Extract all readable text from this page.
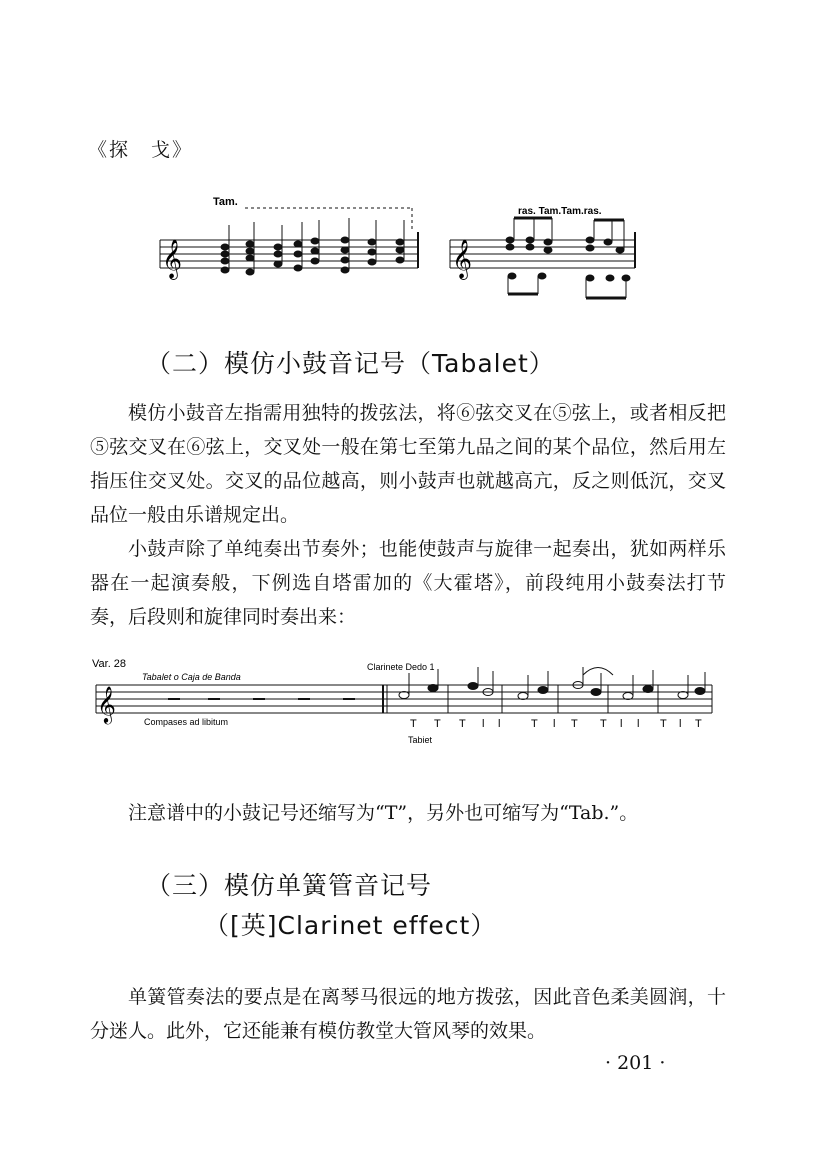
《探　戈》
Tam.
𝄞	𝄞
ras. Tam.Tam.ras.
（二）模仿小鼓音记号（Tabalet）

模仿小鼓音左指需用独特的拨弦法，将⑥弦交叉在⑤弦上，或者相反把⑤弦交叉在⑥弦上，交叉处一般在第七至第九品之间的某个品位，然后用左指压住交叉处。交叉的品位越高，则小鼓声也就越高亢，反之则低沉，交叉品位一般由乐谱规定出。

小鼓声除了单纯奏出节奏外；也能使鼓声与旋律一起奏出，犹如两样乐器在一起演奏般，下例选自塔雷加的《大霍塔》，前段纯用小鼓奏法打节奏，后段则和旋律同时奏出来：

Var. 28
Tabalet o Caja de Banda
Clarinete Dedo 1
𝄞	Compases ad libitum	T T T l l	T l T T l l T l T
Tabiet

注意谱中的小鼓记号还缩写为“T”，另外也可缩写为“Tab.”。

（三）模仿单簧管音记号
（[英]Clarinet effect）

单簧管奏法的要点是在离琴马很远的地方拨弦，因此音色柔美圆润，十分迷人。此外，它还能兼有模仿教堂大管风琴的效果。

· 201 ·
